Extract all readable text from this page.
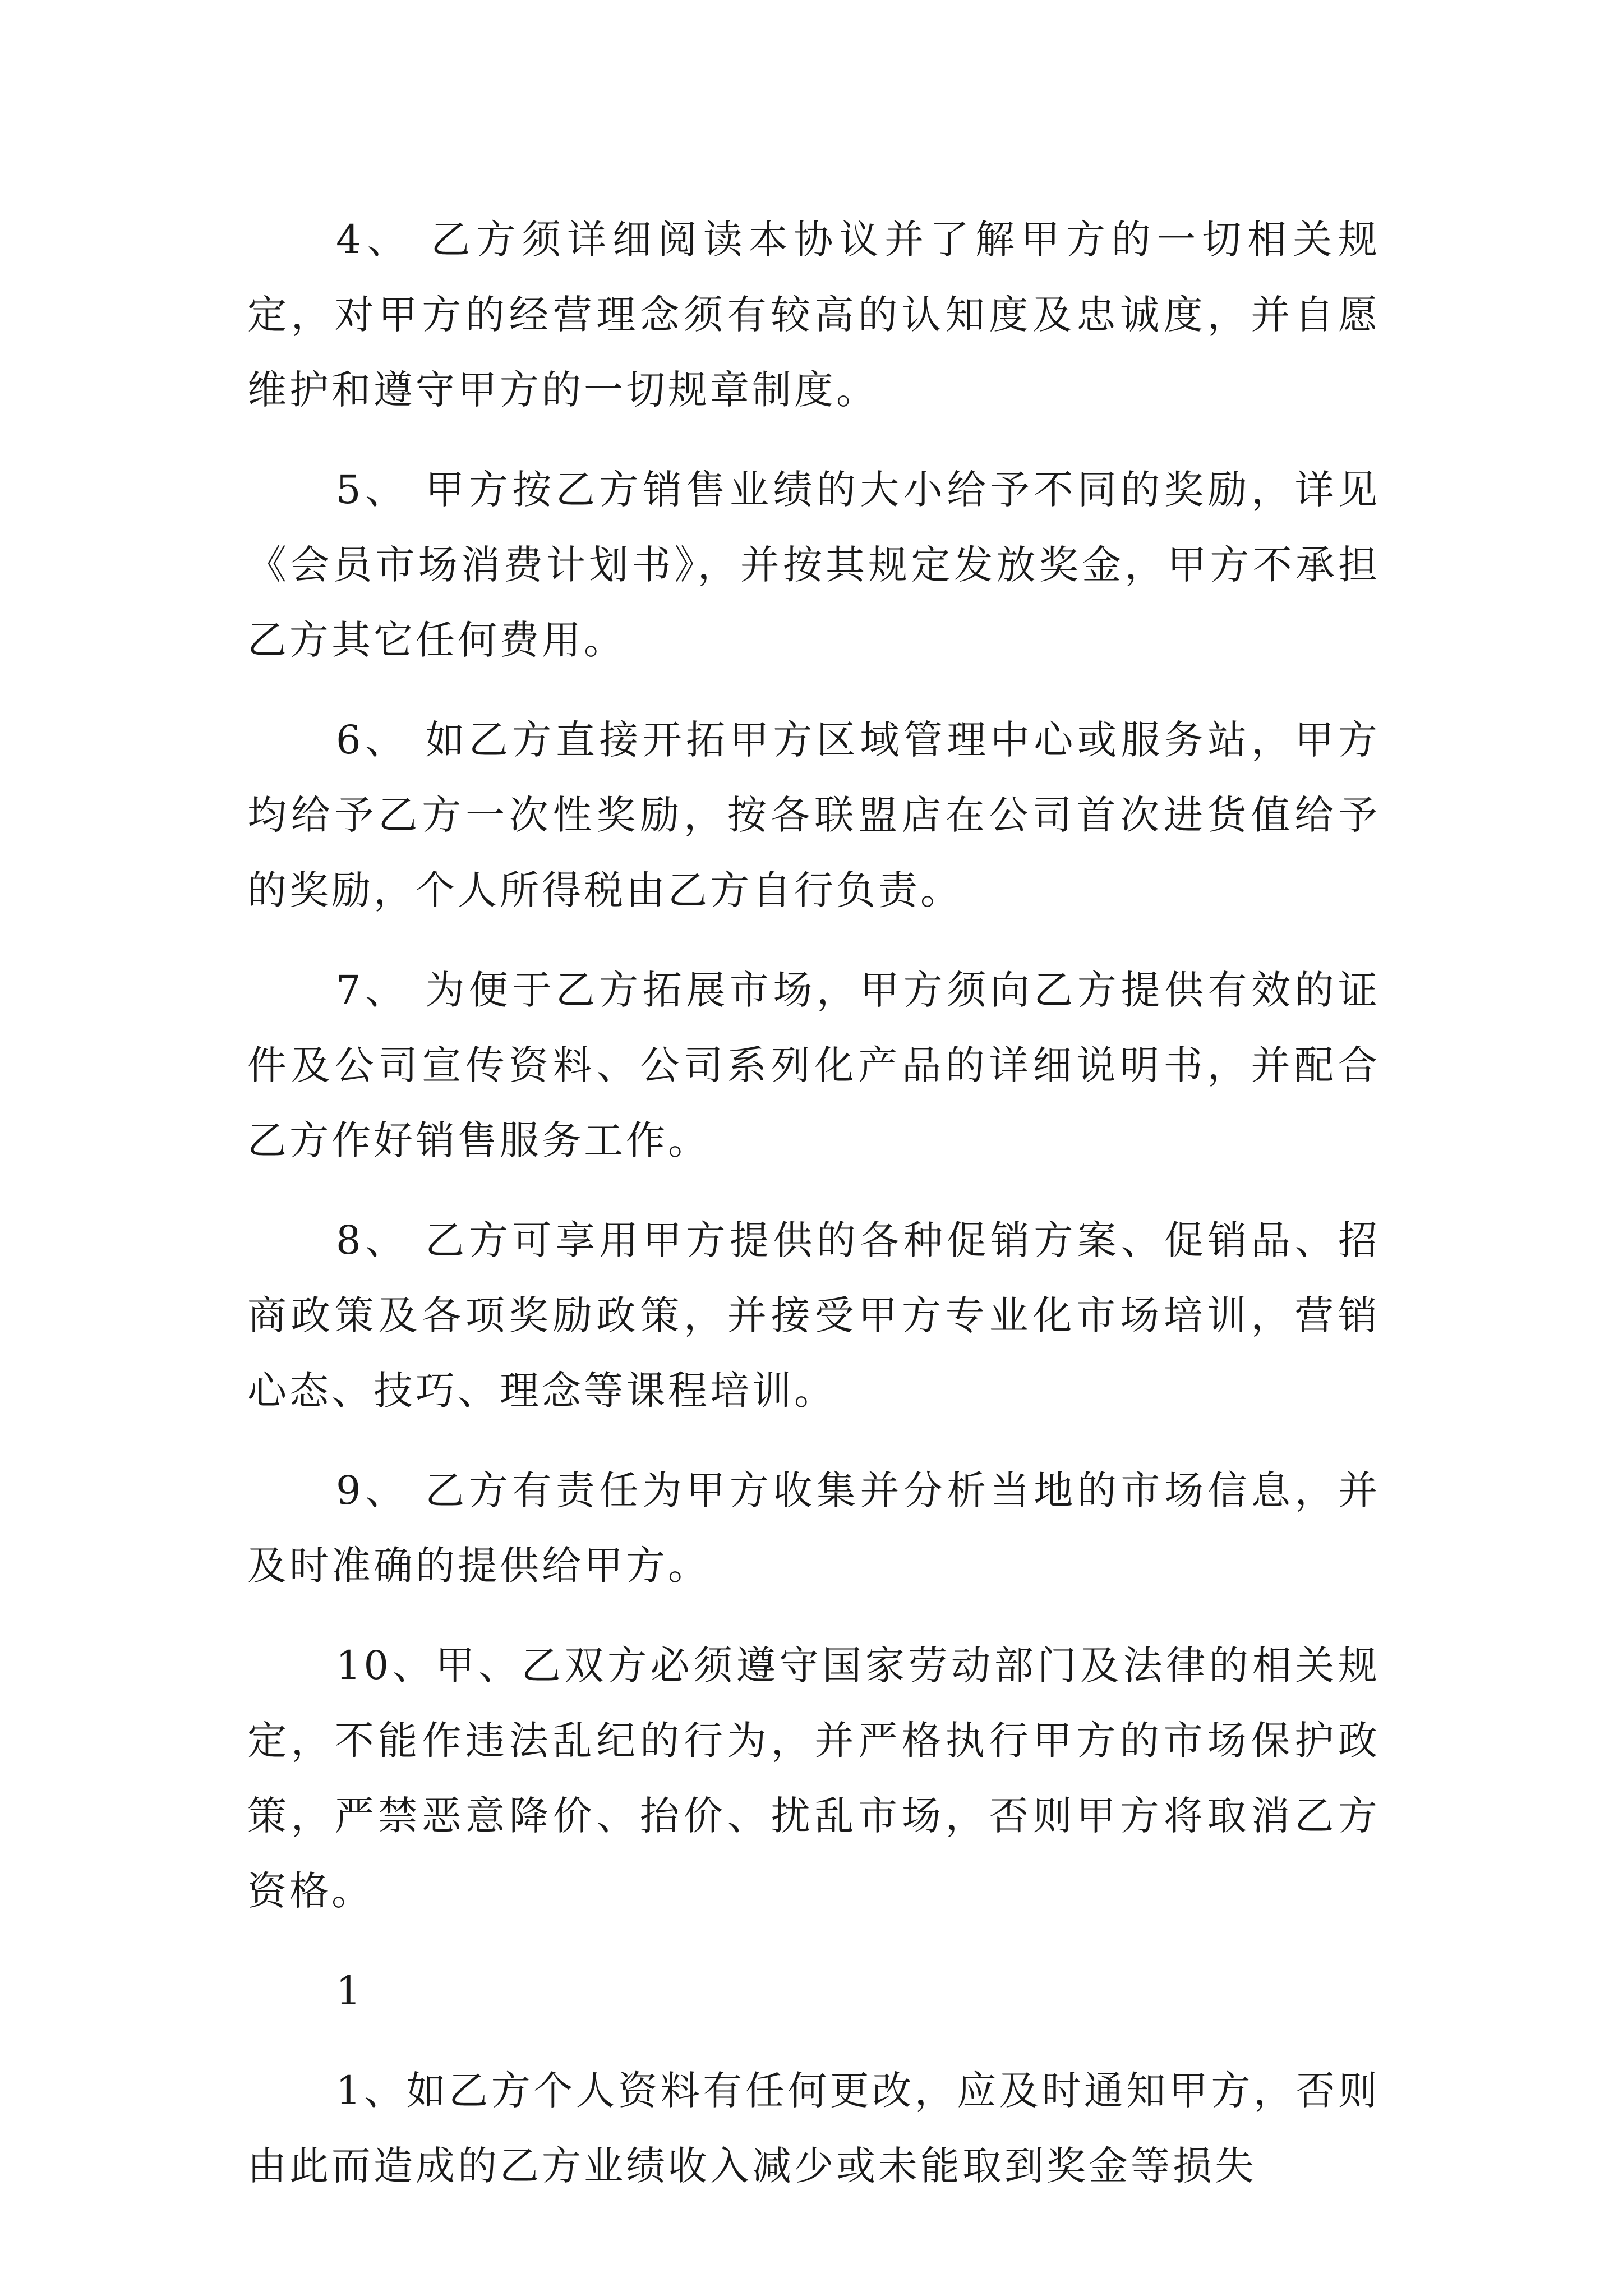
4、 乙方须详细阅读本协议并了解甲方的一切相关规定，对甲方的经营理念须有较高的认知度及忠诚度，并自愿维护和遵守甲方的一切规章制度。

5、 甲方按乙方销售业绩的大小给予不同的奖励，详见《会员市场消费计划书》，并按其规定发放奖金，甲方不承担乙方其它任何费用。

6、 如乙方直接开拓甲方区域管理中心或服务站，甲方均给予乙方一次性奖励，按各联盟店在公司首次进货值给予的奖励，个人所得税由乙方自行负责。

7、 为便于乙方拓展市场，甲方须向乙方提供有效的证件及公司宣传资料、公司系列化产品的详细说明书，并配合乙方作好销售服务工作。

8、 乙方可享用甲方提供的各种促销方案、促销品、招商政策及各项奖励政策，并接受甲方专业化市场培训，营销心态、技巧、理念等课程培训。

9、 乙方有责任为甲方收集并分析当地的市场信息，并及时准确的提供给甲方。

10、甲、乙双方必须遵守国家劳动部门及法律的相关规定，不能作违法乱纪的行为，并严格执行甲方的市场保护政策，严禁恶意降价、抬价、扰乱市场，否则甲方将取消乙方资格。

1

1、如乙方个人资料有任何更改，应及时通知甲方，否则由此而造成的乙方业绩收入减少或未能取到奖金等损失
